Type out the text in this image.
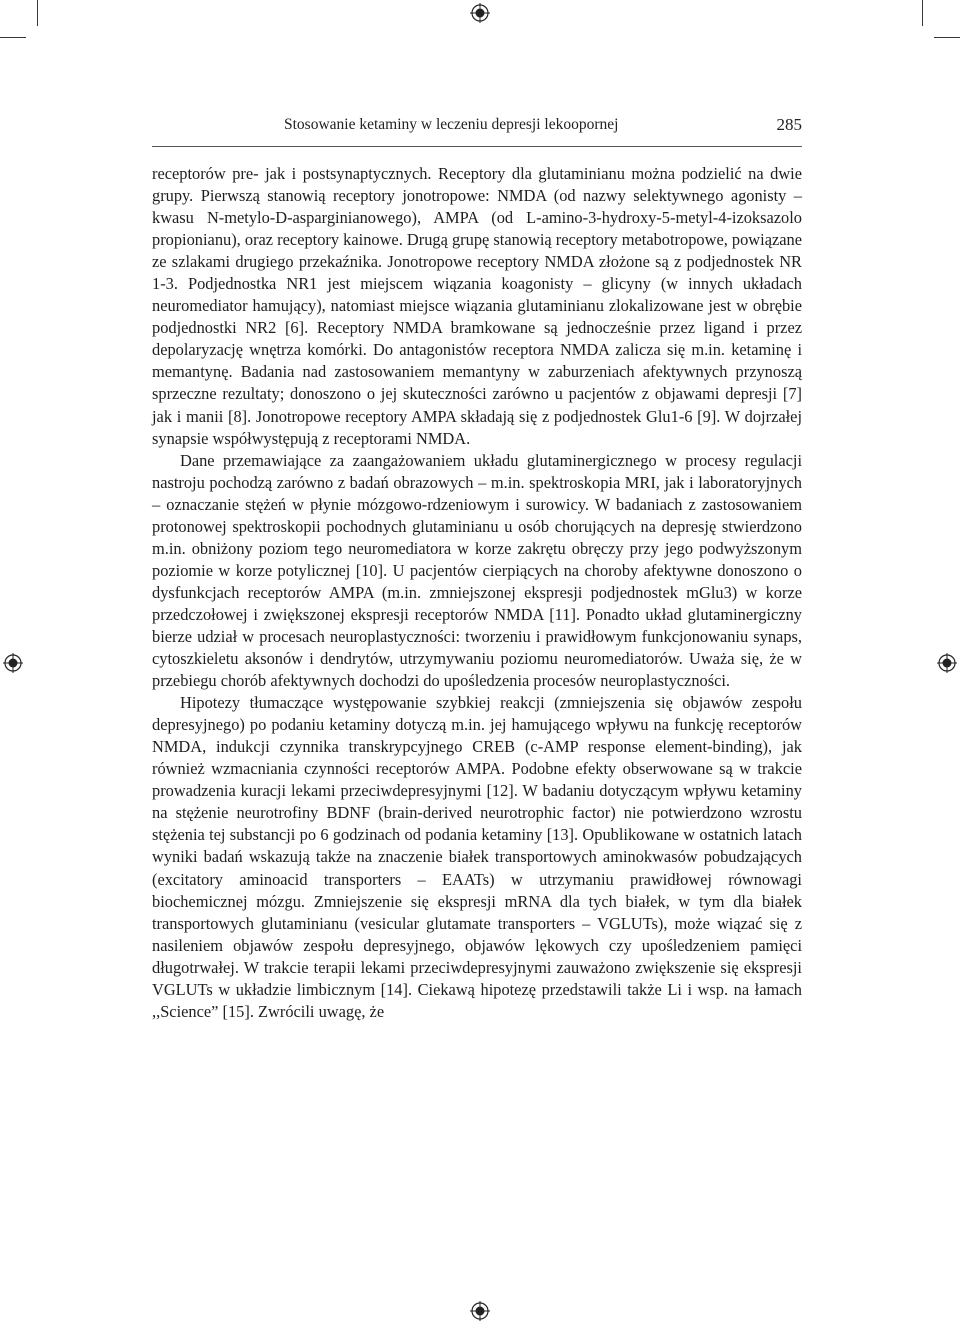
Stosowanie ketaminy w leczeniu depresji lekoopornej	285

receptorów pre- jak i postsynaptycznych. Receptory dla glutaminianu można podzielić na dwie grupy. Pierwszą stanowią receptory jonotropowe: NMDA (od nazwy selektywnego agonisty – kwasu N-metylo-D-asparginianowego), AMPA (od L-amino-3-hydroxy-5-metyl-4-izoksazolo propionianu), oraz receptory kainowe. Drugą grupę stanowią receptory metabotropowe, powiązane ze szlakami drugiego przekaźnika. Jonotropowe receptory NMDA złożone są z podjednostek NR 1-3. Podjednostka NR1 jest miejscem wiązania koagonisty – glicyny (w innych układach neuromediator hamujący), natomiast miejsce wiązania glutaminianu zlokalizowane jest w obrębie podjednostki NR2 [6]. Receptory NMDA bramkowane są jednocześnie przez ligand i przez depolaryzację wnętrza komórki. Do antagonistów receptora NMDA zalicza się m.in. ketaminę i memantynę. Badania nad zastosowaniem memantyny w zaburzeniach afektywnych przynoszą sprzeczne rezultaty; donoszono o jej skuteczności zarówno u pacjentów z objawami depresji [7] jak i manii [8]. Jonotropowe receptory AMPA składają się z podjednostek Glu1-6 [9]. W dojrzałej synapsie współwystępują z receptorami NMDA.

Dane przemawiające za zaangażowaniem układu glutaminergicznego w procesy regulacji nastroju pochodzą zarówno z badań obrazowych – m.in. spektroskopia MRI, jak i laboratoryjnych – oznaczanie stężeń w płynie mózgowo-rdzeniowym i surowicy. W badaniach z zastosowaniem protonowej spektroskopii pochodnych glutaminianu u osób chorujących na depresję stwierdzono m.in. obniżony poziom tego neuromediatora w korze zakrętu obręczy przy jego podwyższonym poziomie w korze potylicznej [10]. U pacjentów cierpiących na choroby afektywne donoszono o dysfunkcjach receptorów AMPA (m.in. zmniejszonej ekspresji podjednostek mGlu3) w korze przedczołowej i zwiększonej ekspresji receptorów NMDA [11]. Ponadto układ glutaminergiczny bierze udział w procesach neuroplastyczności: tworzeniu i prawidłowym funkcjonowaniu synaps, cytoszkieletu aksonów i dendrytów, utrzymywaniu poziomu neuromediatorów. Uważa się, że w przebiegu chorób afektywnych dochodzi do upośledzenia procesów neuroplastyczności.

Hipotezy tłumaczące występowanie szybkiej reakcji (zmniejszenia się objawów zespołu depresyjnego) po podaniu ketaminy dotyczą m.in. jej hamującego wpływu na funkcję receptorów NMDA, indukcji czynnika transkrypcyjnego CREB (c-AMP response element-binding), jak również wzmacniania czynności receptorów AMPA. Podobne efekty obserwowane są w trakcie prowadzenia kuracji lekami przeciwdepresyjnymi [12]. W badaniu dotyczącym wpływu ketaminy na stężenie neurotrofiny BDNF (brain-derived neurotrophic factor) nie potwierdzono wzrostu stężenia tej substancji po 6 godzinach od podania ketaminy [13]. Opublikowane w ostatnich latach wyniki badań wskazują także na znaczenie białek transportowych aminokwasów pobudzających (excitatory aminoacid transporters – EAATs) w utrzymaniu prawidłowej równowagi biochemicznej mózgu. Zmniejszenie się ekspresji mRNA dla tych białek, w tym dla białek transportowych glutaminianu (vesicular glutamate transporters – VGLUTs), może wiązać się z nasileniem objawów zespołu depresyjnego, objawów lękowych czy upośledzeniem pamięci długotrwałej. W trakcie terapii lekami przeciwdepresyjnymi zauważono zwiększenie się ekspresji VGLUTs w układzie limbicznym [14]. Ciekawą hipotezę przedstawili także Li i wsp. na łamach ,,Science” [15]. Zwrócili uwagę, że
